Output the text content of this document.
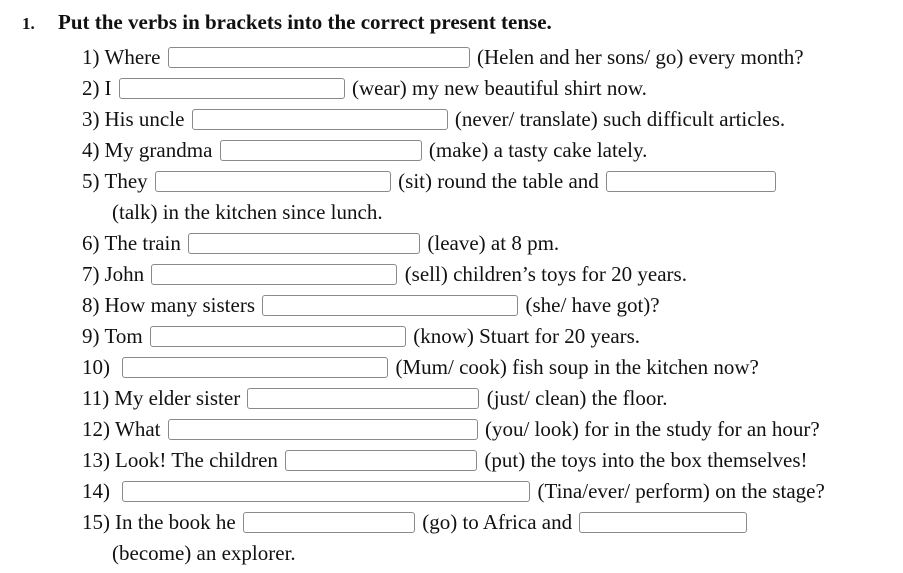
1. Put the verbs in brackets into the correct present tense.
1) Where	(Helen and her sons/ go) every month?
2) I	(wear) my new beautiful shirt now.
3) His uncle	(never/ translate) such difficult articles.
4) My grandma	(make) a tasty cake lately.
5) They	(sit) round the table and
(talk) in the kitchen since lunch.
6) The train	(leave) at 8 pm.
7) John	(sell) children’s toys for 20 years.
8) How many sisters	(she/ have got)?
9) Tom	(know) Stuart for 20 years.
10)	(Mum/ cook) fish soup in the kitchen now?
11) My elder sister	(just/ clean) the floor.
12) What	(you/ look) for in the study for an hour?
13) Look! The children	(put) the toys into the box themselves!
14)	(Tina/ever/ perform) on the stage?
15) In the book he	(go) to Africa and
(become) an explorer.
